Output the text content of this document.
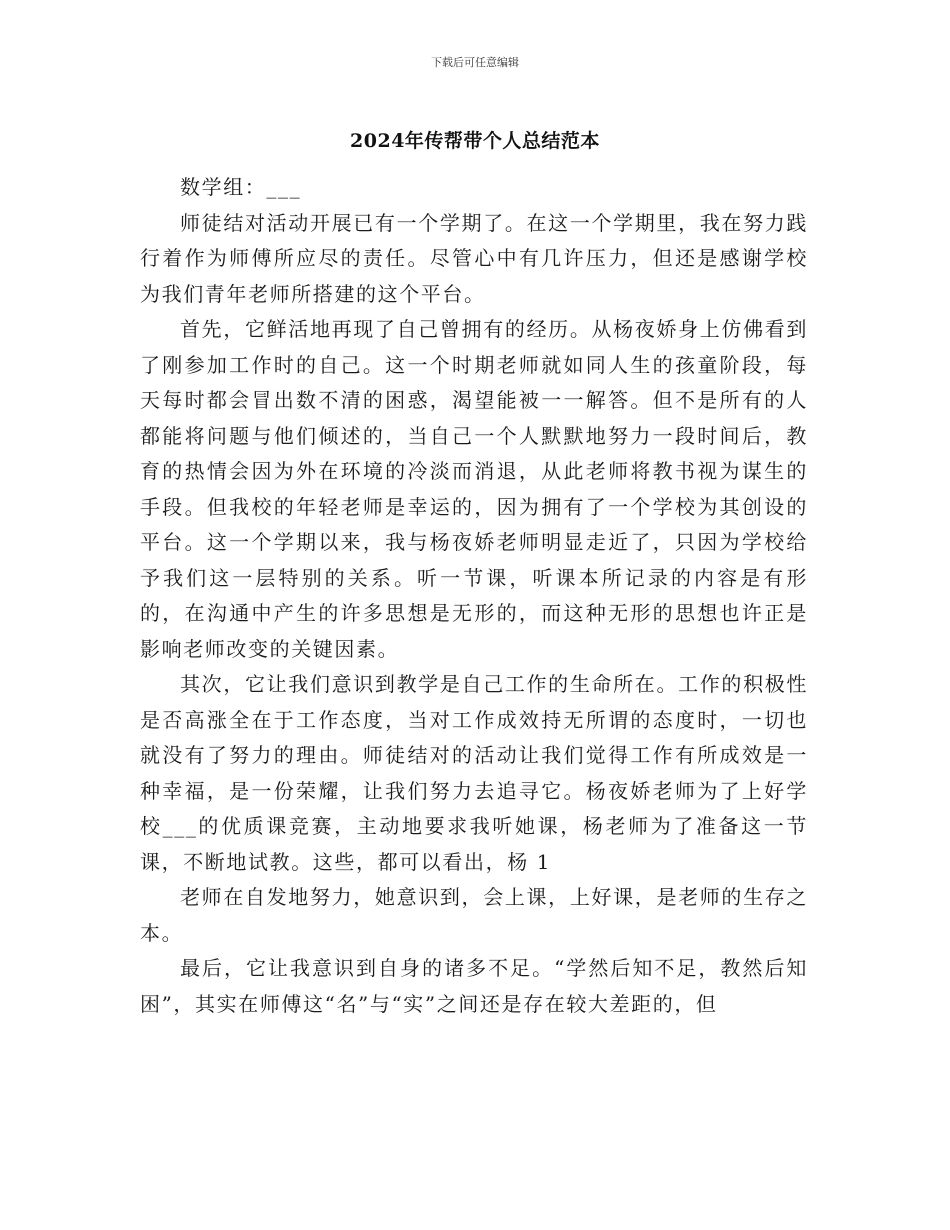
下载后可任意编辑
2024年传帮带个人总结范本

数学组：___

师徒结对活动开展已有一个学期了。在这一个学期里，我在努力践行着作为师傅所应尽的责任。尽管心中有几许压力，但还是感谢学校为我们青年老师所搭建的这个平台。

首先，它鲜活地再现了自己曾拥有的经历。从杨夜娇身上仿佛看到了刚参加工作时的自己。这一个时期老师就如同人生的孩童阶段，每天每时都会冒出数不清的困惑，渴望能被一一解答。但不是所有的人都能将问题与他们倾述的，当自己一个人默默地努力一段时间后，教育的热情会因为外在环境的冷淡而消退，从此老师将教书视为谋生的手段。但我校的年轻老师是幸运的，因为拥有了一个学校为其创设的平台。这一个学期以来，我与杨夜娇老师明显走近了，只因为学校给予我们这一层特别的关系。听一节课，听课本所记录的内容是有形的，在沟通中产生的许多思想是无形的，而这种无形的思想也许正是影响老师改变的关键因素。

其次，它让我们意识到教学是自己工作的生命所在。工作的积极性是否高涨全在于工作态度，当对工作成效持无所谓的态度时，一切也就没有了努力的理由。师徒结对的活动让我们觉得工作有所成效是一种幸福，是一份荣耀，让我们努力去追寻它。杨夜娇老师为了上好学校___的优质课竞赛，主动地要求我听她课，杨老师为了准备这一节课，不断地试教。这些，都可以看出，杨 1

老师在自发地努力，她意识到，会上课，上好课，是老师的生存之本。

最后，它让我意识到自身的诸多不足。“学然后知不足，教然后知困”，其实在师傅这“名”与“实”之间还是存在较大差距的，但
